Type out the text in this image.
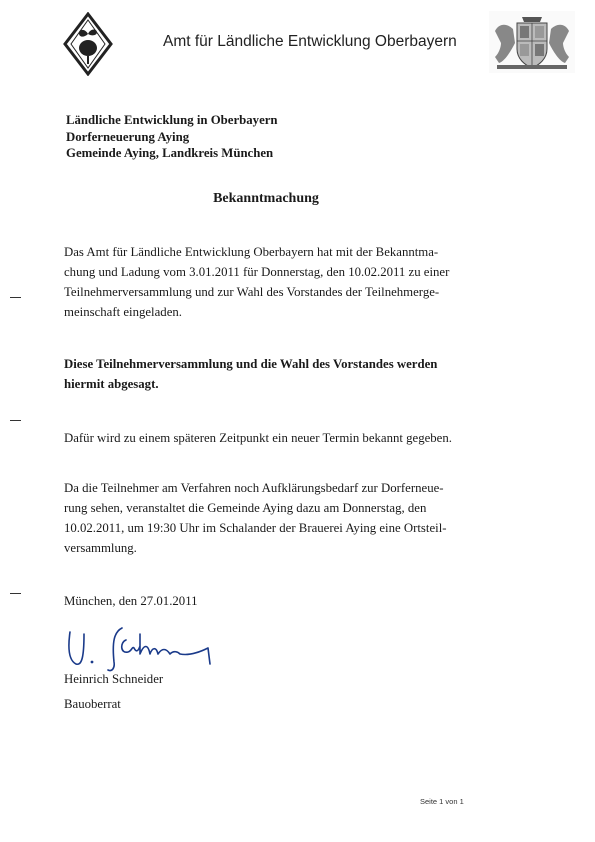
Amt für Ländliche Entwicklung Oberbayern
Ländliche Entwicklung in Oberbayern
Dorferneuerung Aying
Gemeinde Aying, Landkreis München
Bekanntmachung
Das Amt für Ländliche Entwicklung Oberbayern hat mit der Bekanntma-
chung und Ladung vom 3.01.2011 für Donnerstag, den 10.02.2011 zu einer
Teilnehmerversammlung und zur Wahl des Vorstandes der Teilnehmerge-
meinschaft eingeladen.
Diese Teilnehmerversammlung und die Wahl des Vorstandes werden
hiermit abgesagt.
Dafür wird zu einem späteren Zeitpunkt ein neuer Termin bekannt gegeben.
Da die Teilnehmer am Verfahren noch Aufklärungsbedarf zur Dorferneue-
rung sehen, veranstaltet die Gemeinde Aying dazu am Donnerstag, den
10.02.2011, um 19:30 Uhr im Schalander der Brauerei Aying eine Ortsteil-
versammlung.
München, den 27.01.2011
Heinrich Schneider
Bauoberrat
Seite 1 von 1
